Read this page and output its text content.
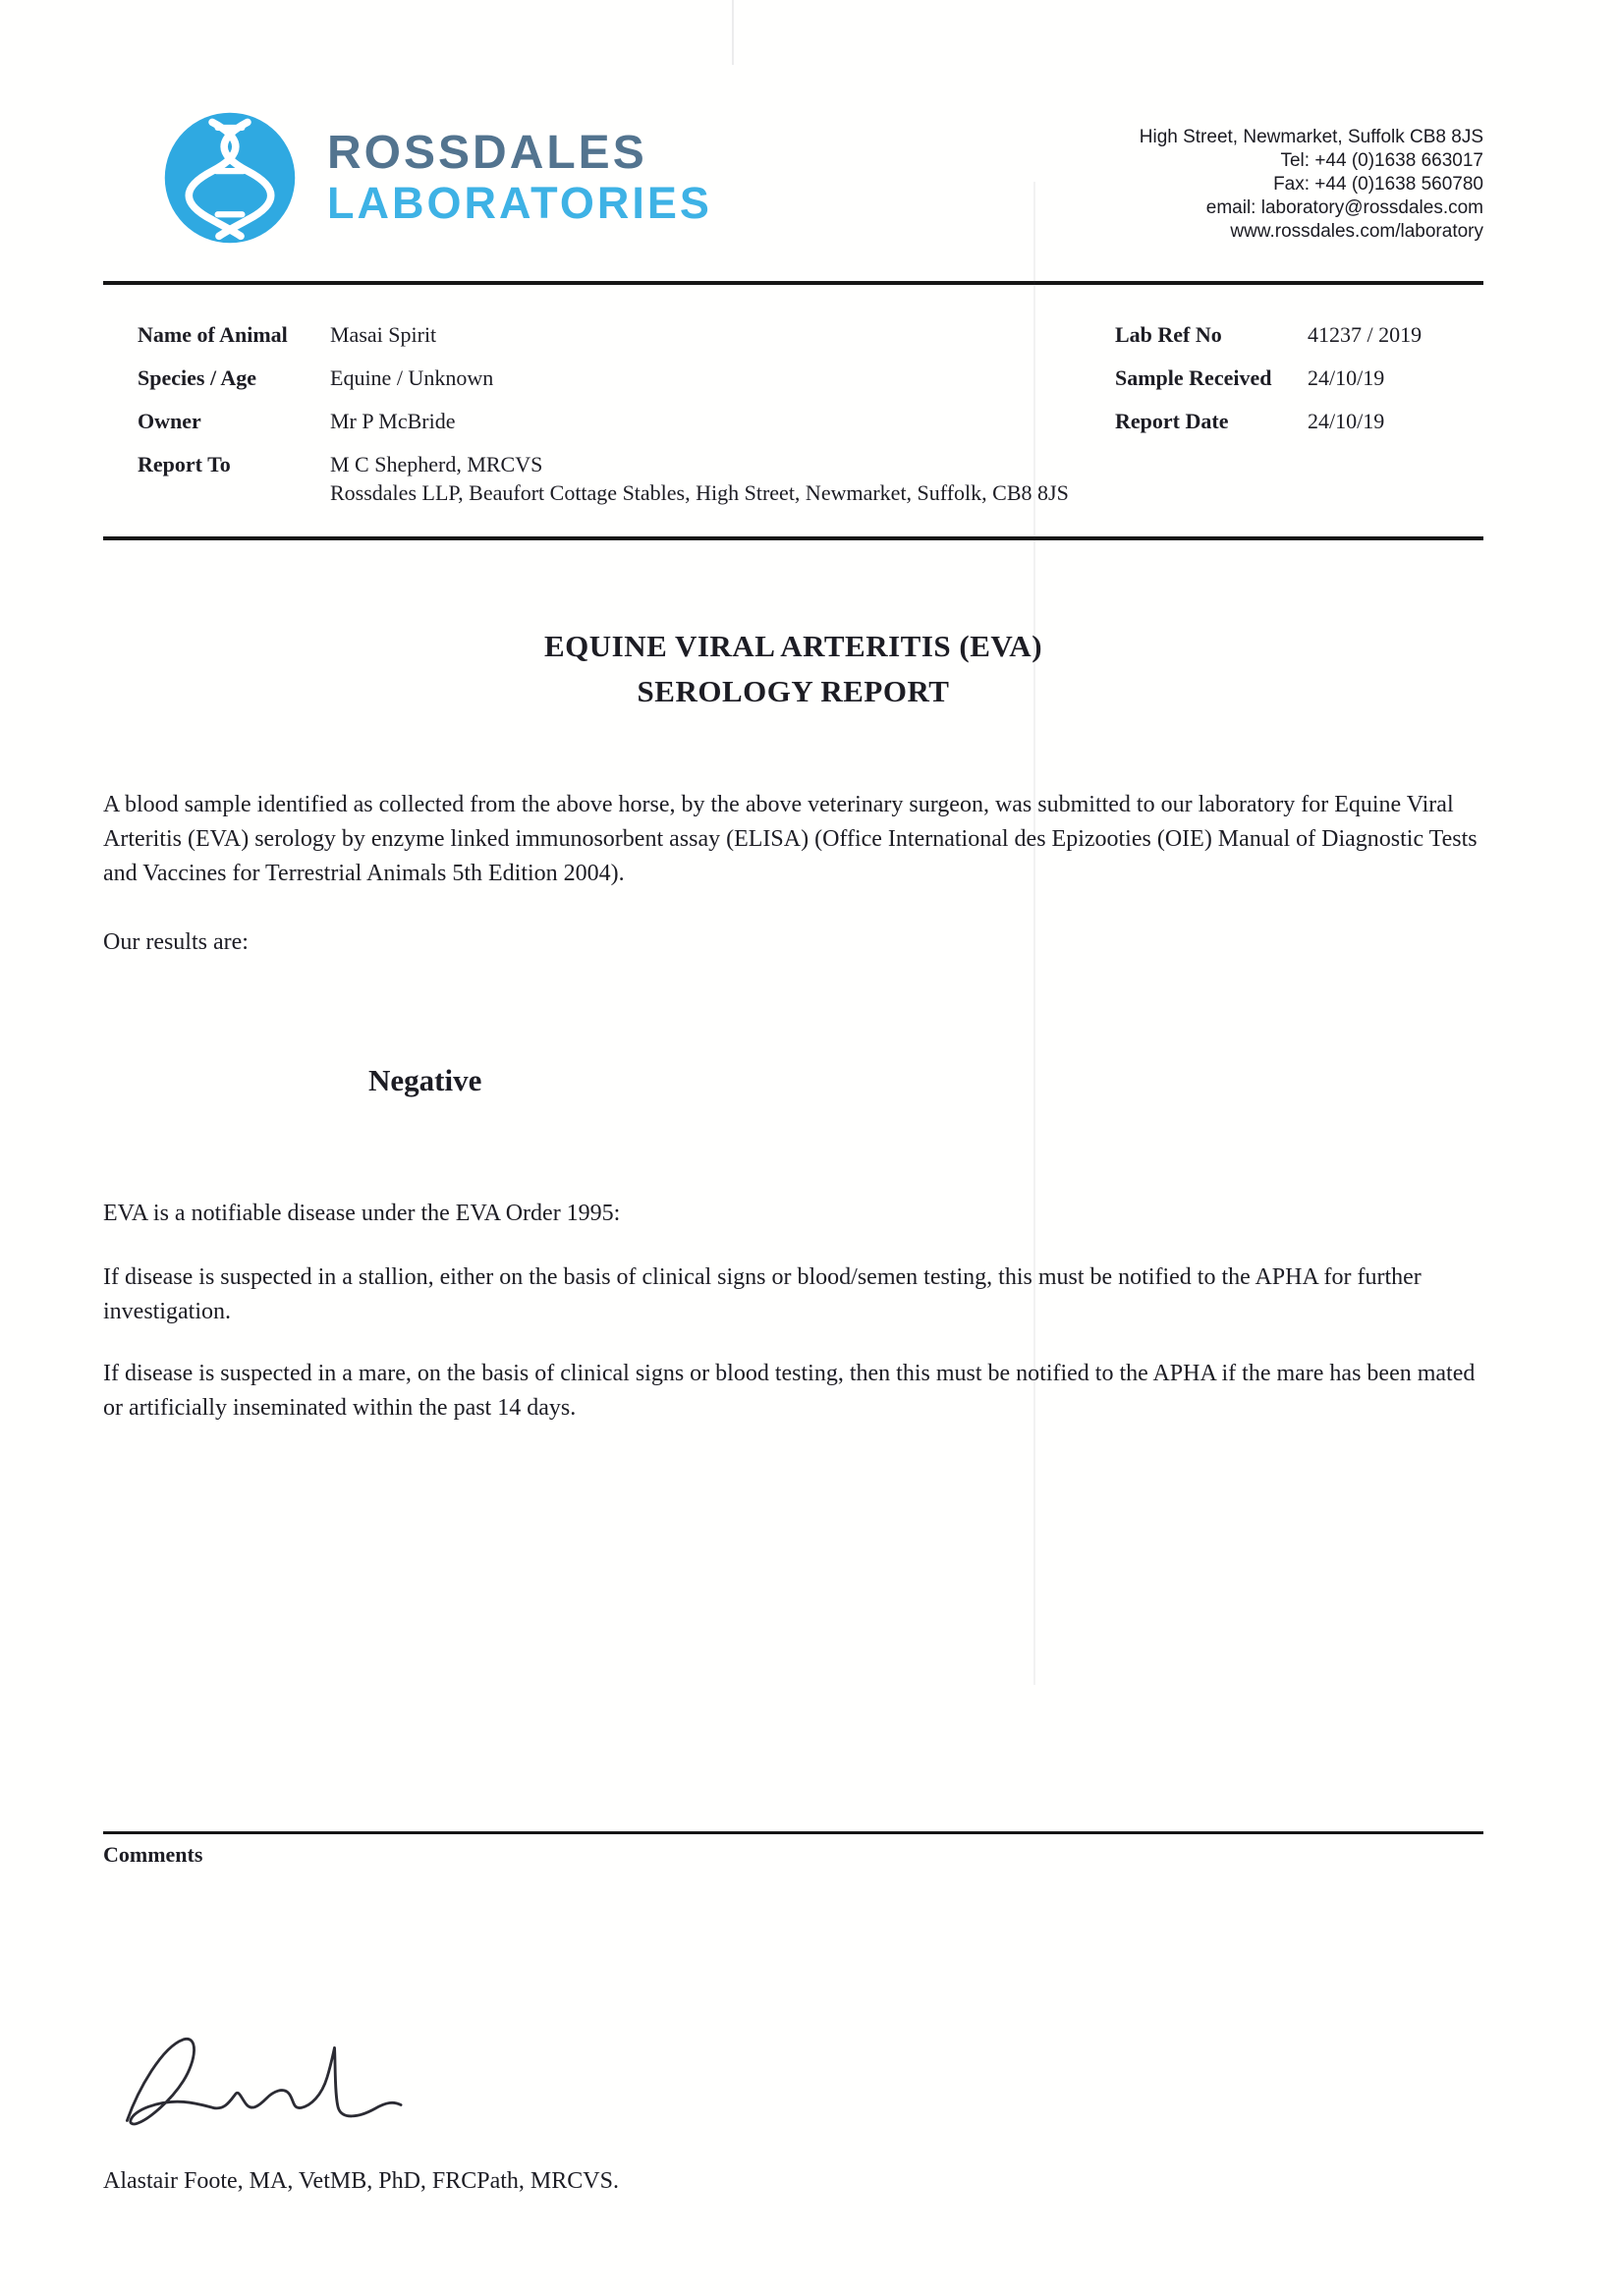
ROSSDALES
LABORATORIES
High Street, Newmarket, Suffolk CB8 8JS
Tel: +44 (0)1638 663017
Fax: +44 (0)1638 560780
email: laboratory@rossdales.com
www.rossdales.com/laboratory
Name of Animal	Masai Spirit
Species / Age	Equine / Unknown
Owner	Mr P McBride
Report To	M C Shepherd, MRCVS
Rossdales LLP, Beaufort Cottage Stables, High Street, Newmarket, Suffolk, CB8 8JS
Lab Ref No	41237 / 2019
Sample Received	24/10/19
Report Date	24/10/19
EQUINE VIRAL ARTERITIS (EVA)
SEROLOGY REPORT

A blood sample identified as collected from the above horse, by the above veterinary surgeon, was submitted to our laboratory for Equine Viral Arteritis (EVA) serology by enzyme linked immunosorbent assay (ELISA) (Office International des Epizooties (OIE) Manual of Diagnostic Tests and Vaccines for Terrestrial Animals 5th Edition 2004).

Our results are:

Negative

EVA is a notifiable disease under the EVA Order 1995:

If disease is suspected in a stallion, either on the basis of clinical signs or blood/semen testing, this must be notified to the APHA for further investigation.

If disease is suspected in a mare, on the basis of clinical signs or blood testing, then this must be notified to the APHA if the mare has been mated or artificially inseminated within the past 14 days.

Comments
Alastair Foote, MA, VetMB, PhD, FRCPath, MRCVS.
